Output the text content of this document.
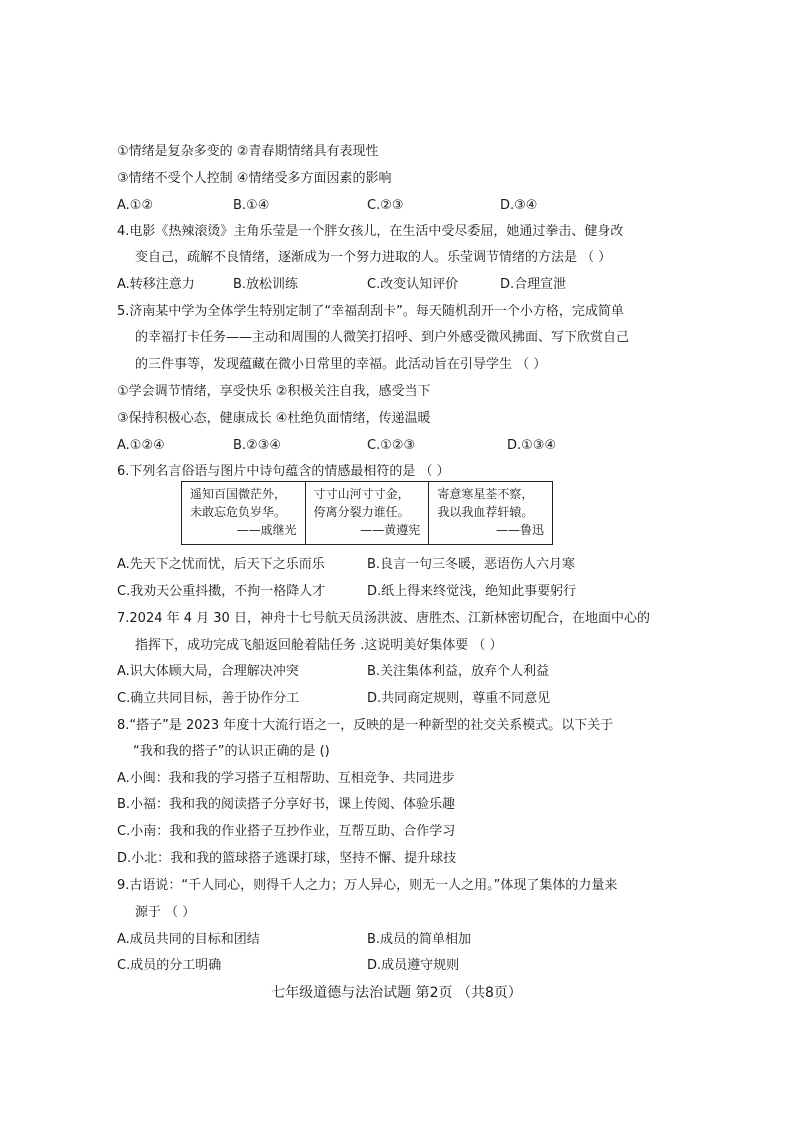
①情绪是复杂多变的 ②青春期情绪具有表现性
③情绪不受个人控制 ④情绪受多方面因素的影响
A.①②	B.①④	C.②③	D.③④
4.电影《热辣滚烫》主角乐莹是一个胖女孩儿，在生活中受尽委屈，她通过拳击、健身改
变自己，疏解不良情绪，逐渐成为一个努力进取的人。乐莹调节情绪的方法是 （ ）
A.转移注意力	B.放松训练	C.改变认知评价	D.合理宣泄
5.济南某中学为全体学生特别定制了“幸福刮刮卡”。每天随机刮开一个小方格，完成简单
的幸福打卡任务——主动和周围的人微笑打招呼、到户外感受微风拂面、写下欣赏自己
的三件事等，发现蕴藏在微小日常里的幸福。此活动旨在引导学生 （ ）
①学会调节情绪，享受快乐 ②积极关注自我，感受当下
③保持积极心态，健康成长 ④杜绝负面情绪，传递温暖
A.①②④	B.②③④	C.①②③	D.①③④
6.下列名言俗语与图片中诗句蕴含的情感最相符的是 （ ）
遥知百国微茫外，
未敢忘危负岁华。
——戚继光
	寸寸山河寸寸金，
侉离分裂力谁任。
——黄遵宪
	寄意寒星荃不察，
我以我血荐轩辕。
——鲁迅
A.先天下之忧而忧，后天下之乐而乐	B.良言一句三冬暖，恶语伤人六月寒
C.我劝天公重抖擞，不拘一格降人才	D.纸上得来终觉浅，绝知此事要躬行
7.2024 年 4 月 30 日，神舟十七号航天员汤洪波、唐胜杰、江新林密切配合，在地面中心的
指挥下，成功完成飞船返回舱着陆任务 .这说明美好集体要 （ ）
A.识大体顾大局，合理解决冲突	B.关注集体利益，放弃个人利益
C.确立共同目标，善于协作分工	D.共同商定规则，尊重不同意见
8.“搭子”是 2023 年度十大流行语之一，反映的是一种新型的社交关系模式。以下关于
“我和我的搭子”的认识正确的是 ()
A.小闽：我和我的学习搭子互相帮助、互相竞争、共同进步
B.小福：我和我的阅读搭子分享好书，课上传阅、体验乐趣
C.小南：我和我的作业搭子互抄作业，互帮互助、合作学习
D.小北：我和我的篮球搭子逃课打球，坚持不懈、提升球技
9.古语说：“千人同心，则得千人之力；万人异心，则无一人之用。”体现了集体的力量来
源于 （ ）
A.成员共同的目标和团结	B.成员的简单相加
C.成员的分工明确	D.成员遵守规则
七年级道德与法治试题 第2页 （共8页）
